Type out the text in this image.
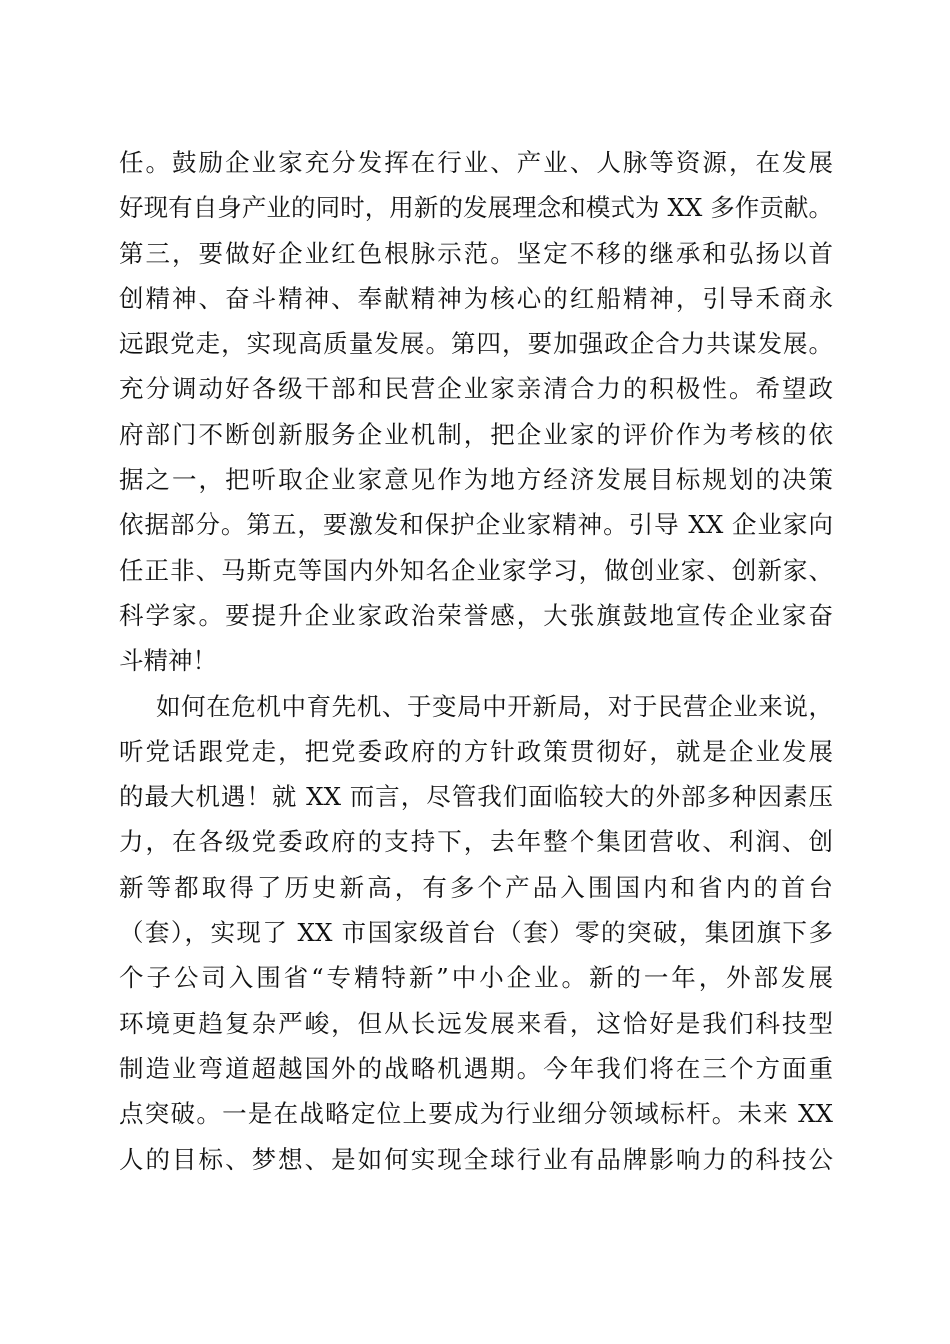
任。鼓励企业家充分发挥在行业、产业、人脉等资源，在发展
好现有自身产业的同时，用新的发展理念和模式为 XX 多作贡献。
第三，要做好企业红色根脉示范。坚定不移的继承和弘扬以首
创精神、奋斗精神、奉献精神为核心的红船精神，引导禾商永
远跟党走，实现高质量发展。第四，要加强政企合力共谋发展。
充分调动好各级干部和民营企业家亲清合力的积极性。希望政
府部门不断创新服务企业机制，把企业家的评价作为考核的依
据之一，把听取企业家意见作为地方经济发展目标规划的决策
依据部分。第五，要激发和保护企业家精神。引导 XX 企业家向
任正非、马斯克等国内外知名企业家学习，做创业家、创新家、
科学家。要提升企业家政治荣誉感，大张旗鼓地宣传企业家奋
斗精神！
如何在危机中育先机、于变局中开新局，对于民营企业来说，
听党话跟党走，把党委政府的方针政策贯彻好，就是企业发展
的最大机遇！就 XX 而言，尽管我们面临较大的外部多种因素压
力，在各级党委政府的支持下，去年整个集团营收、利润、创
新等都取得了历史新高，有多个产品入围国内和省内的首台
（套），实现了 XX 市国家级首台（套）零的突破，集团旗下多
个子公司入围省“专精特新”中小企业。新的一年，外部发展
环境更趋复杂严峻，但从长远发展来看，这恰好是我们科技型
制造业弯道超越国外的战略机遇期。今年我们将在三个方面重
点突破。一是在战略定位上要成为行业细分领域标杆。未来 XX
人的目标、梦想、是如何实现全球行业有品牌影响力的科技公
